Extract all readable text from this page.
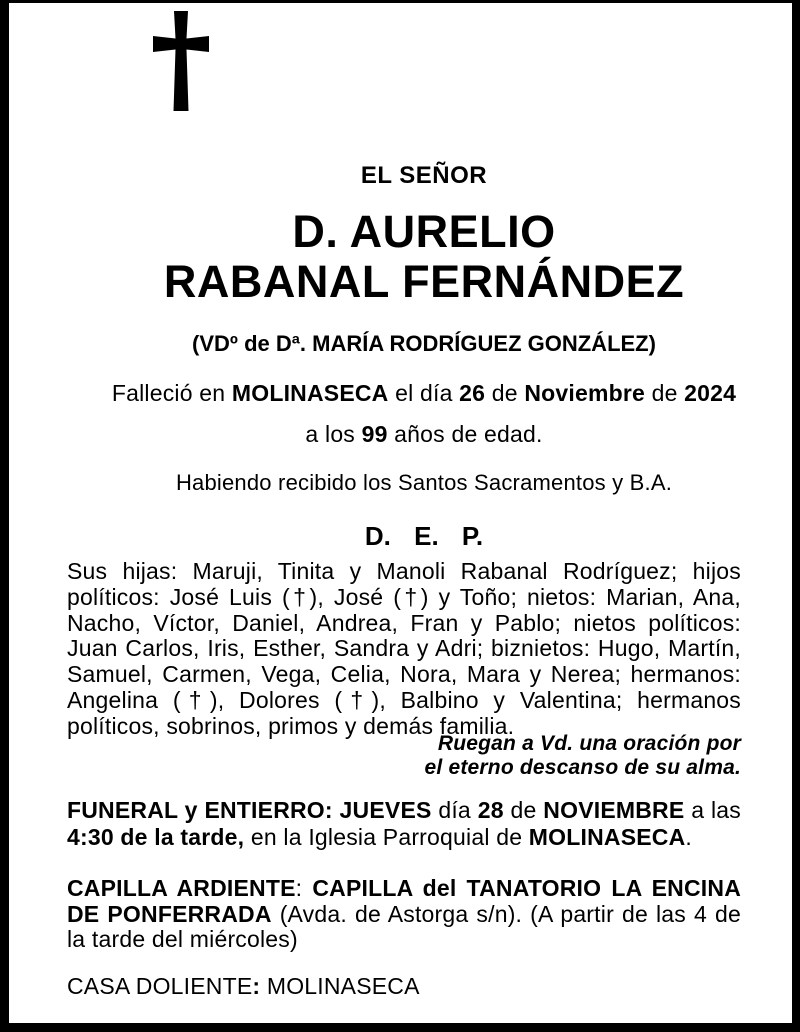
EL SEÑOR
D. AURELIO
RABANAL FERNÁNDEZ
(VDº de Dª. MARÍA RODRÍGUEZ GONZÁLEZ)
Falleció en MOLINASECA el día 26 de Noviembre de 2024
a los 99 años de edad.
Habiendo recibido los Santos Sacramentos y B.A.
D. E. P.
Sus hijas: Maruji, Tinita y Manoli Rabanal Rodríguez; hijos políticos: José Luis (†), José (†) y Toño; nietos: Marian, Ana, Nacho, Víctor, Daniel, Andrea, Fran y Pablo; nietos políticos: Juan Carlos, Iris, Esther, Sandra y Adri; biznietos: Hugo, Martín, Samuel, Carmen, Vega, Celia, Nora, Mara y Nerea; hermanos: Angelina (†), Dolores (†), Balbino y Valentina; hermanos políticos, sobrinos, primos y demás familia.
Ruegan a Vd. una oración por
el eterno descanso de su alma.
FUNERAL y ENTIERRO: JUEVES día 28 de NOVIEMBRE a las 4:30 de la tarde, en la Iglesia Parroquial de MOLINASECA.
CAPILLA ARDIENTE: CAPILLA del TANATORIO LA ENCINA DE PONFERRADA (Avda. de Astorga s/n). (A partir de las 4 de la tarde del miércoles)
CASA DOLIENTE: MOLINASECA
